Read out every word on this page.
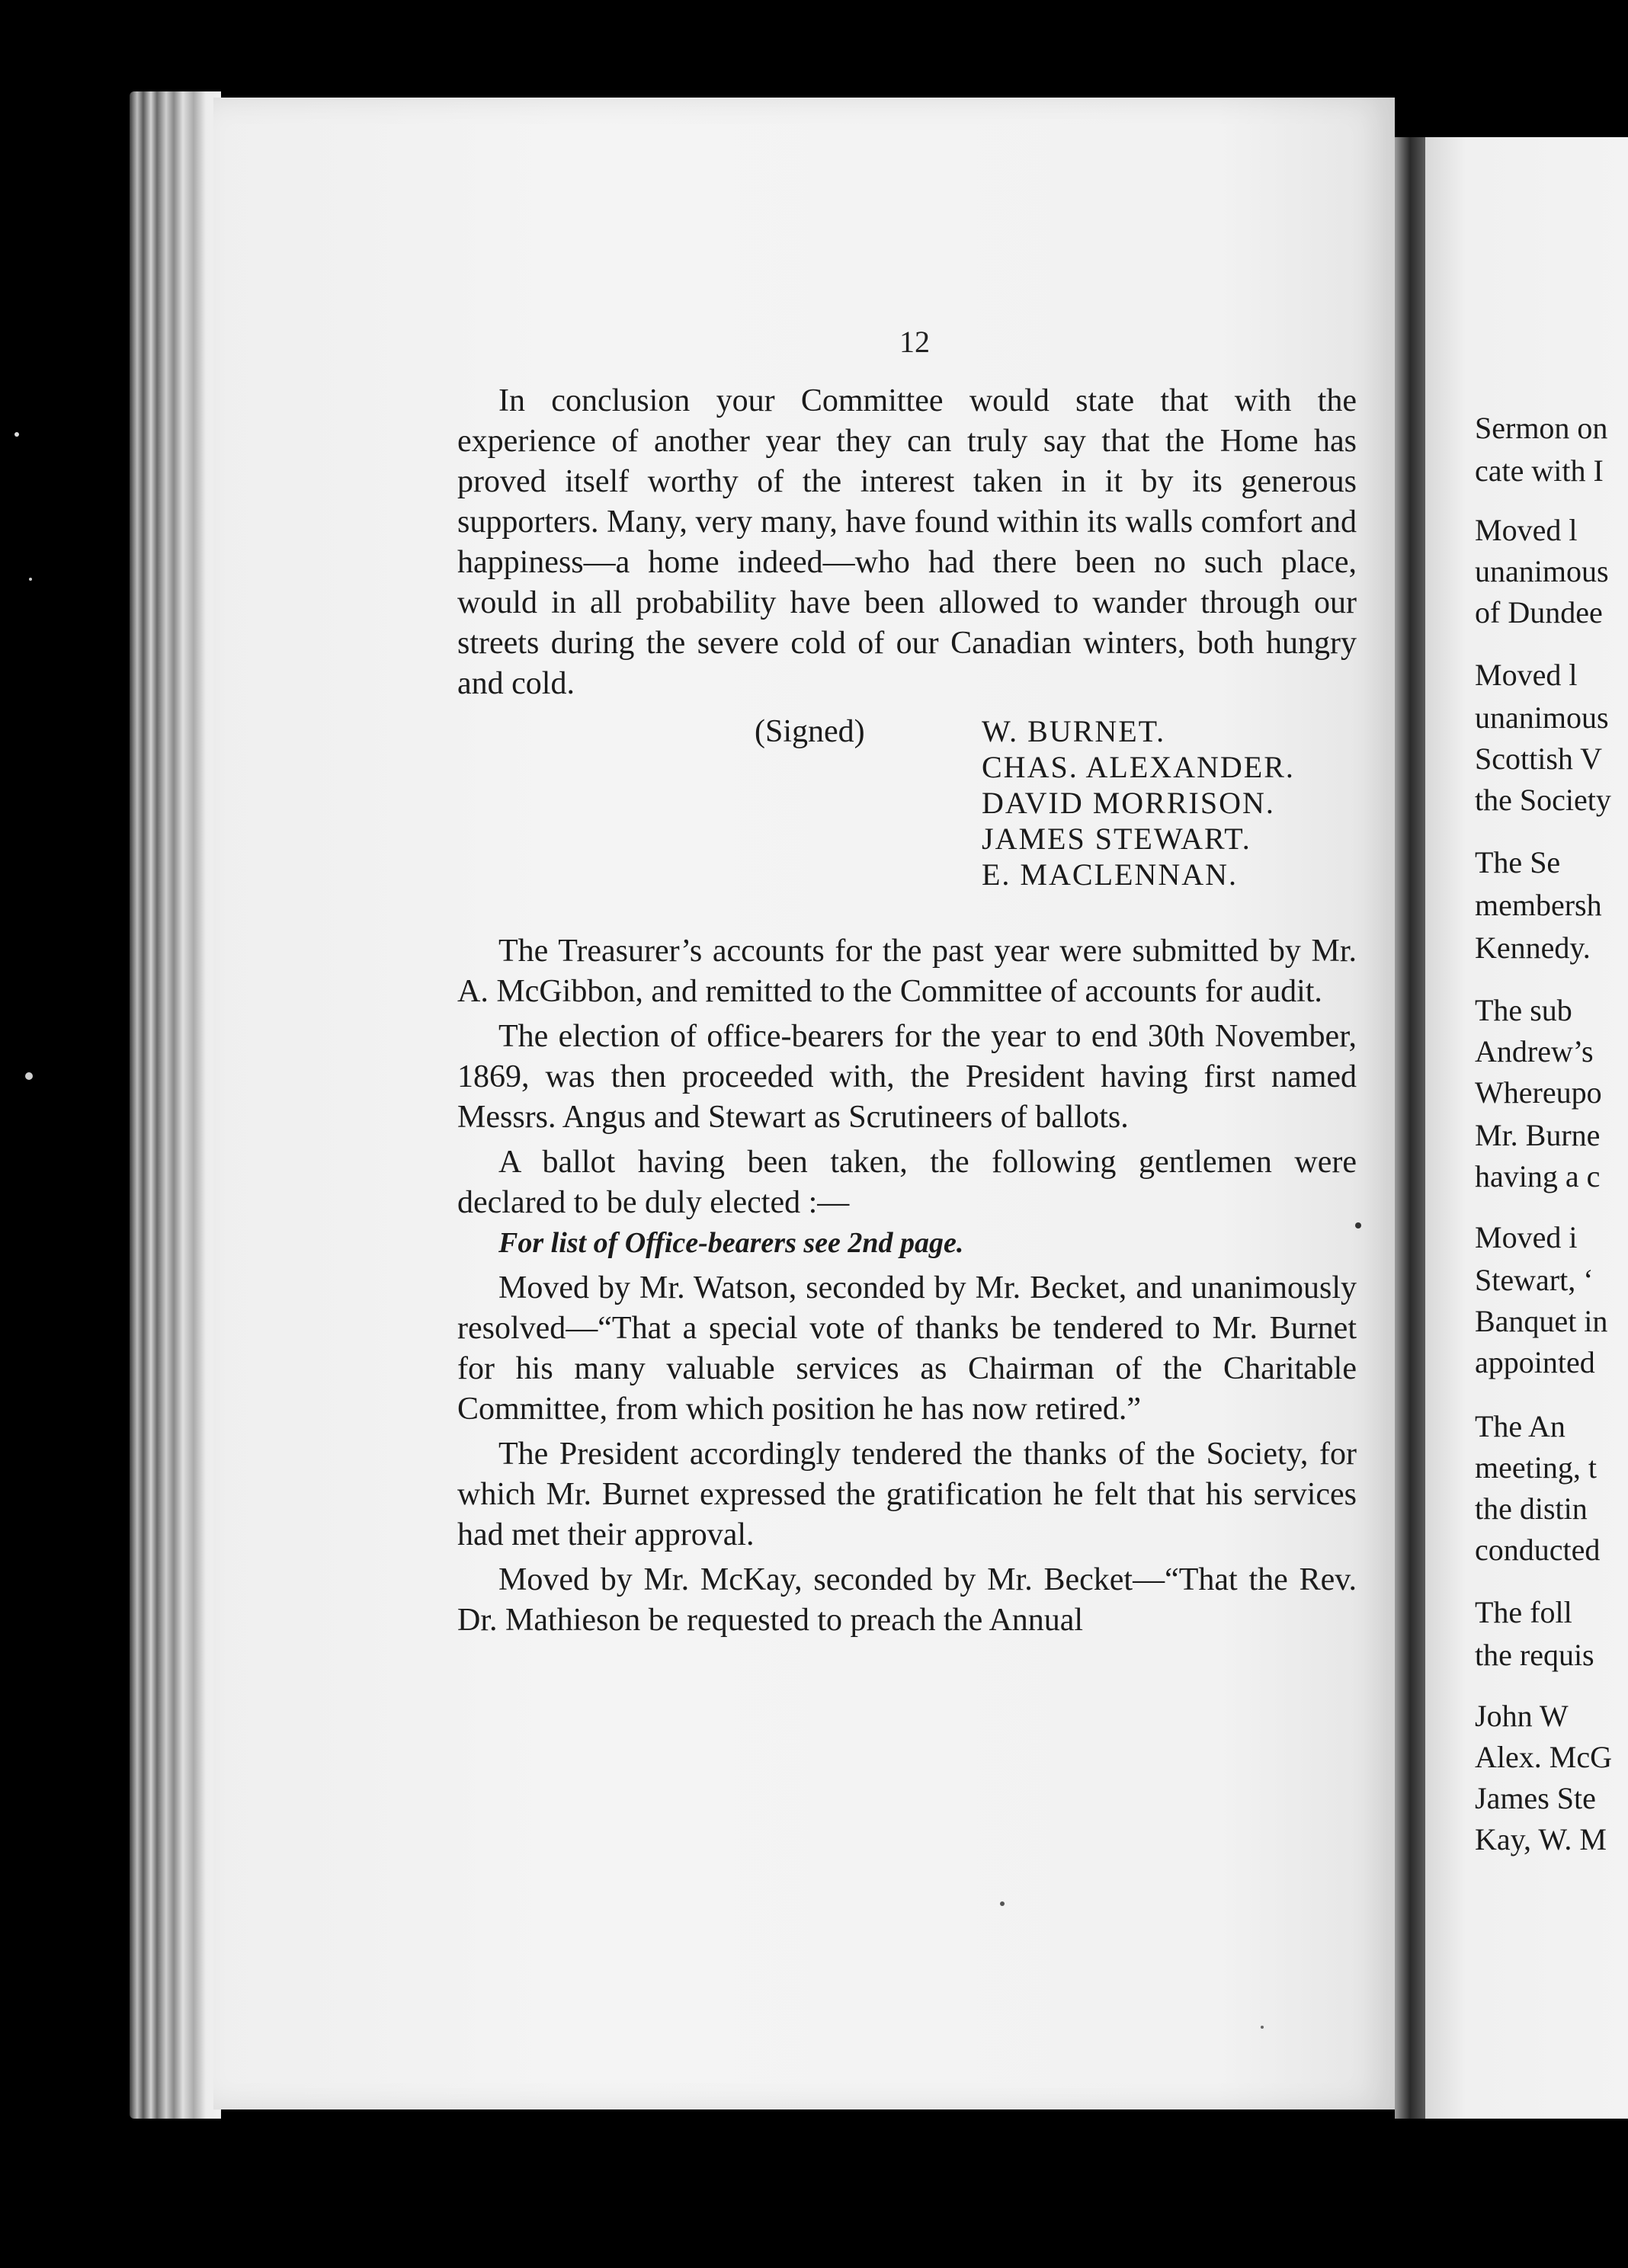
12

In conclusion your Committee would state that with the experience of another year they can truly say that the Home has proved itself worthy of the interest taken in it by its generous supporters. Many, very many, have found within its walls comfort and happiness—a home indeed—who had there been no such place, would in all probability have been allowed to wander through our streets during the severe cold of our Canadian winters, both hungry and cold.

(Signed)	W. BURNET.
CHAS. ALEXANDER.
DAVID MORRISON.
JAMES STEWART.
E. MACLENNAN.

The Treasurer’s accounts for the past year were submitted by Mr. A. McGibbon, and remitted to the Committee of accounts for audit.

The election of office-bearers for the year to end 30th November, 1869, was then proceeded with, the President having first named Messrs. Angus and Stewart as Scrutineers of ballots.

A ballot having been taken, the following gentlemen were declared to be duly elected :—

For list of Office-bearers see 2nd page.

Moved by Mr. Watson, seconded by Mr. Becket, and unanimously resolved—“That a special vote of thanks be tendered to Mr. Burnet for his many valuable services as Chairman of the Charitable Committee, from which position he has now retired.”

The President accordingly tendered the thanks of the Society, for which Mr. Burnet expressed the gratification he felt that his services had met their approval.

Moved by Mr. McKay, seconded by Mr. Becket—“That the Rev. Dr. Mathieson be requested to preach the Annual

Sermon on
cate with I
Moved l
unanimous
of Dundee
Moved l
unanimous
Scottish V
the Society
The Se
membersh
Kennedy.
The sub
Andrew’s
Whereupo
Mr. Burne
having a c
Moved i
Stewart, ‘
Banquet in
appointed
The An
meeting, t
the distin
conducted
The foll
the requis
John W
Alex. McG
James Ste
Kay, W. M
